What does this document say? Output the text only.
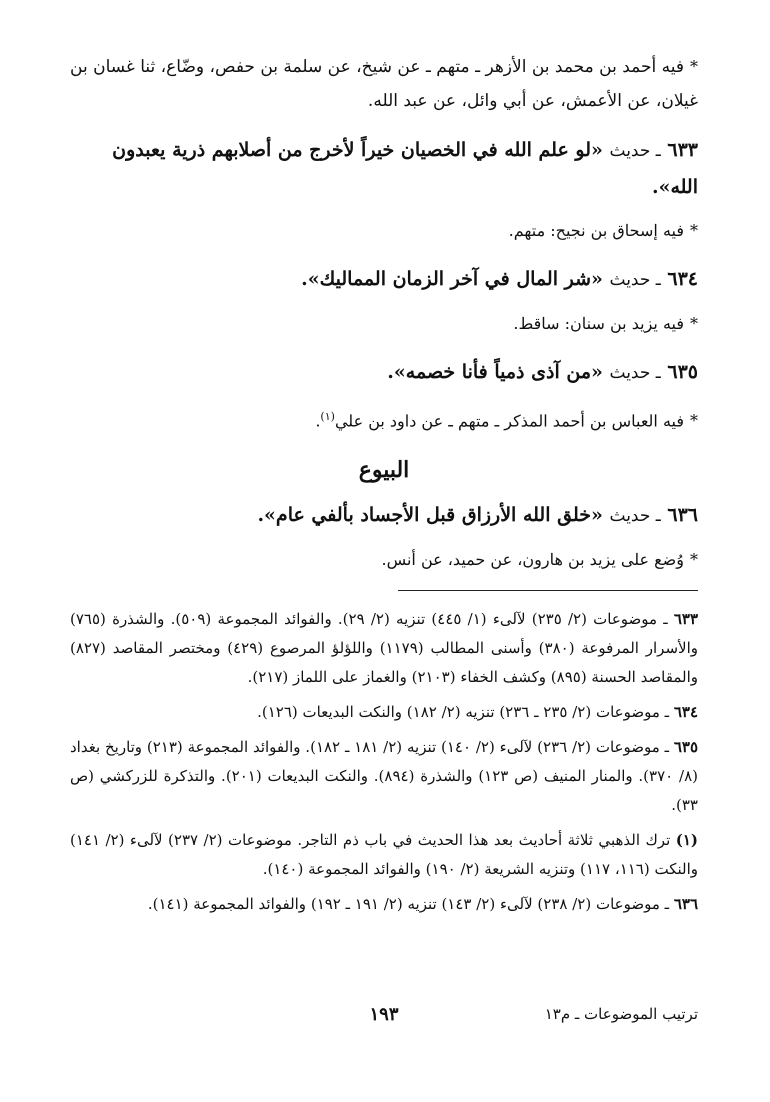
*فيه أحمد بن محمد بن الأزهر ـ متهم ـ عن شيخ، عن سلمة بن حفص، وضّاع، ثنا غسان بن غيلان، عن الأعمش، عن أبي وائل، عن عبد الله.

٦٣٣ ـ حديث «لو علم الله في الخصيان خيراً لأخرج من أصلابهم ذرية يعبدون الله».

*فيه إسحاق بن نجيح: متهم.

٦٣٤ ـ حديث «شر المال في آخر الزمان المماليك».

*فيه يزيد بن سنان: ساقط.

٦٣٥ ـ حديث «من آذى ذمياً فأنا خصمه».

*فيه العباس بن أحمد المذكر ـ متهم ـ عن داود بن علي$^{(١)}$.

البيوع

٦٣٦ ـ حديث «خلق الله الأرزاق قبل الأجساد بألفي عام».

*وُضع على يزيد بن هارون، عن حميد، عن أنس.

٦٣٣ ـ موضوعات (٢/ ٢٣٥) لآلىء (١/ ٤٤٥) تنزيه (٢/ ٢٩). والفوائد المجموعة (٥٠٩). والشذرة (٧٦٥) والأسرار المرفوعة (٣٨٠) وأسنى المطالب (١١٧٩) واللؤلؤ المرصوع (٤٢٩) ومختصر المقاصد (٨٢٧) والمقاصد الحسنة (٨٩٥) وكشف الخفاء (٢١٠٣) والغماز على اللماز (٢١٧).

٦٣٤ ـ موضوعات (٢/ ٢٣٥ ـ ٢٣٦) تنزيه (٢/ ١٨٢) والنكت البديعات (١٢٦).

٦٣٥ ـ موضوعات (٢/ ٢٣٦) لآلىء (٢/ ١٤٠) تنزيه (٢/ ١٨١ ـ ١٨٢). والفوائد المجموعة (٢١٣) وتاريخ بغداد (٨/ ٣٧٠). والمنار المنيف (ص ١٢٣) والشذرة (٨٩٤). والنكت البديعات (٢٠١). والتذكرة للزركشي (ص ٣٣).

(١) ترك الذهبي ثلاثة أحاديث بعد هذا الحديث في باب ذم التاجر. موضوعات (٢/ ٢٣٧) لآلىء (٢/ ١٤١) والنكت (١١٦، ١١٧) وتنزيه الشريعة (٢/ ١٩٠) والفوائد المجموعة (١٤٠).

٦٣٦ ـ موضوعات (٢/ ٢٣٨) لآلىء (٢/ ١٤٣) تنزيه (٢/ ١٩١ ـ ١٩٢) والفوائد المجموعة (١٤١).

١٩٣	ترتيب الموضوعات ـ م١٣
